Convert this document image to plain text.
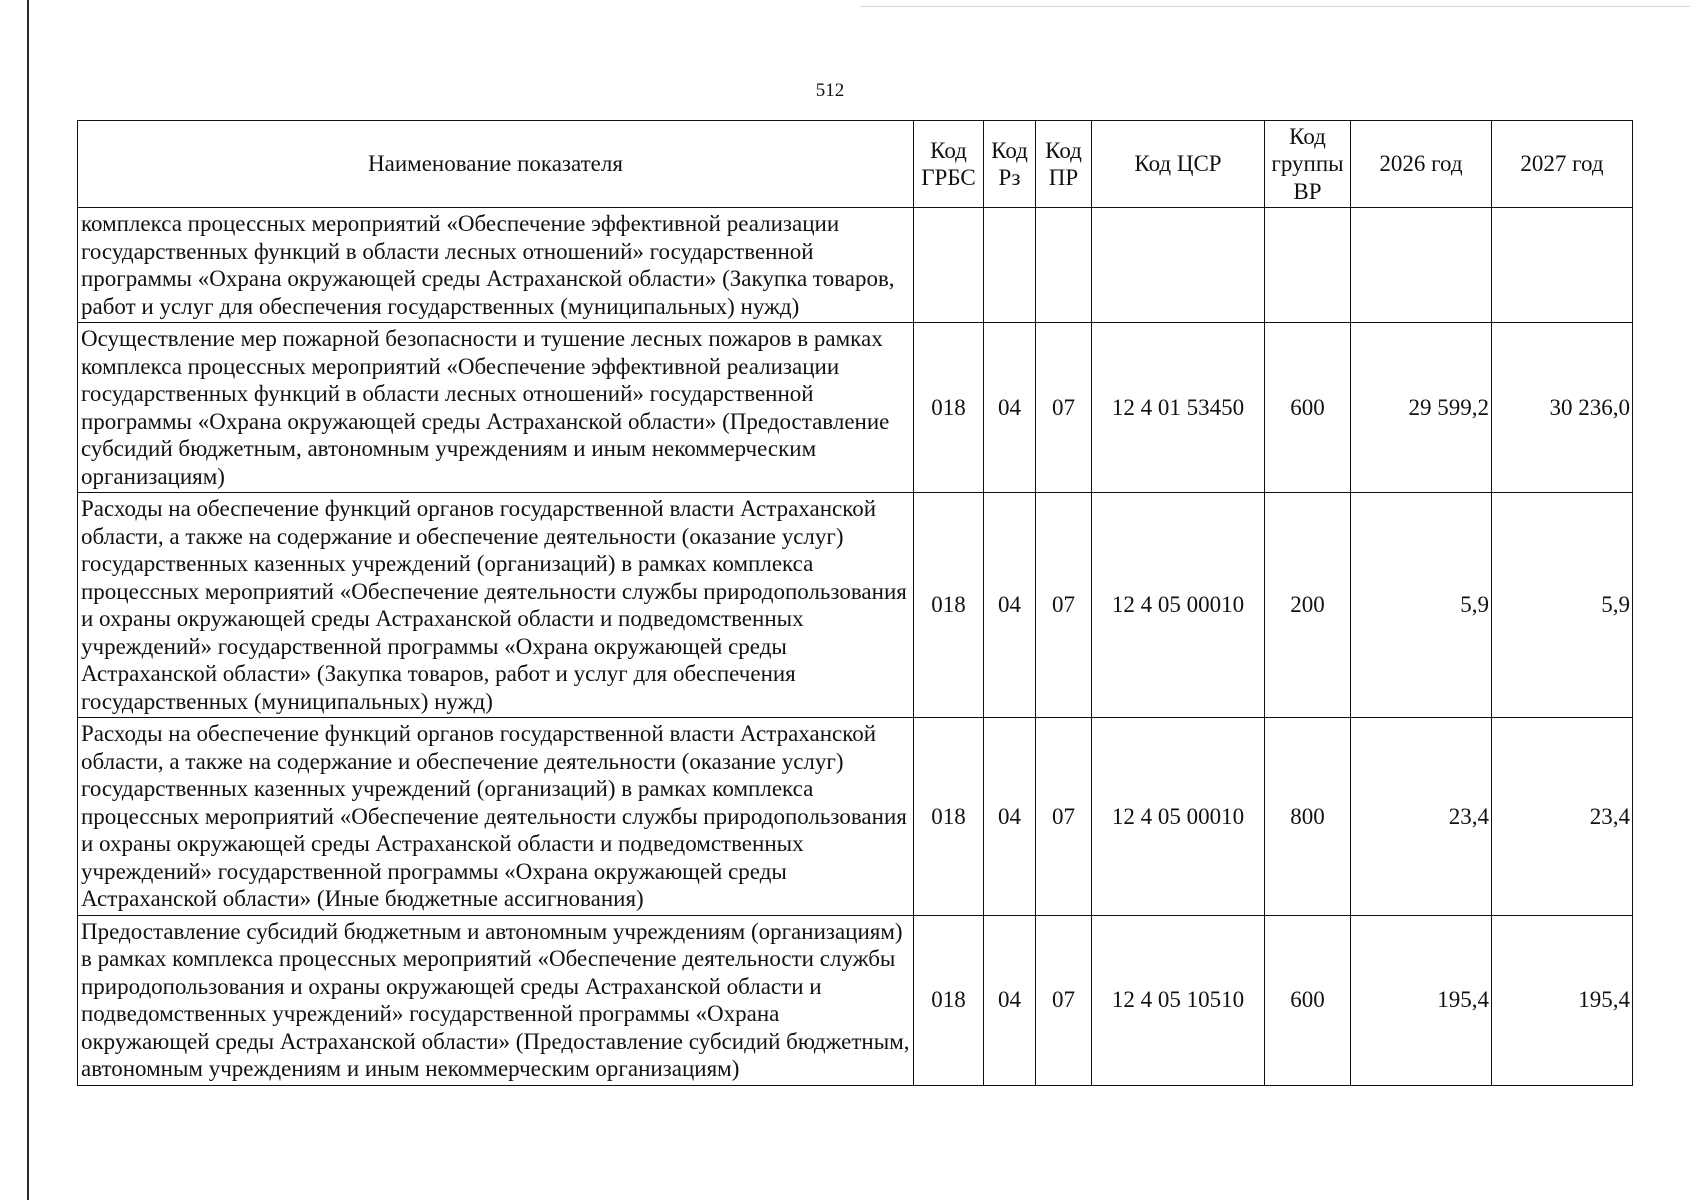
512
Наименование показателя	Код ГРБС	Код Рз	Код ПР	Код ЦСР	Код группы ВР	2026 год	2027 год
комплекса процессных мероприятий «Обеспечение эффективной реализации государственных функций в области лесных отношений» государственной программы «Охрана окружающей среды Астраханской области» (Закупка товаров, работ и услуг для обеспечения государственных (муниципальных) нужд)							
Осуществление мер пожарной безопасности и тушение лесных пожаров в рамках комплекса процессных мероприятий «Обеспечение эффективной реализации государственных функций в области лесных отношений» государственной программы «Охрана окружающей среды Астраханской области» (Предоставление субсидий бюджетным, автономным учреждениям и иным некоммерческим организациям)	018	04	07	12 4 01 53450	600	29 599,2	30 236,0
Расходы на обеспечение функций органов государственной власти Астраханской области, а также на содержание и обеспечение деятельности (оказание услуг) государственных казенных учреждений (организаций) в рамках комплекса процессных мероприятий «Обеспечение деятельности службы природопользования и охраны окружающей среды Астраханской области и подведомственных учреждений» государственной программы «Охрана окружающей среды Астраханской области» (Закупка товаров, работ и услуг для обеспечения государственных (муниципальных) нужд)	018	04	07	12 4 05 00010	200	5,9	5,9
Расходы на обеспечение функций органов государственной власти Астраханской области, а также на содержание и обеспечение деятельности (оказание услуг) государственных казенных учреждений (организаций) в рамках комплекса процессных мероприятий «Обеспечение деятельности службы природопользования и охраны окружающей среды Астраханской области и подведомственных учреждений» государственной программы «Охрана окружающей среды Астраханской области» (Иные бюджетные ассигнования)	018	04	07	12 4 05 00010	800	23,4	23,4
Предоставление субсидий бюджетным и автономным учреждениям (организациям) в рамках комплекса процессных мероприятий «Обеспечение деятельности службы природопользования и охраны окружающей среды Астраханской области и подведомственных учреждений» государственной программы «Охрана окружающей среды Астраханской области» (Предоставление субсидий бюджетным, автономным учреждениям и иным некоммерческим организациям)	018	04	07	12 4 05 10510	600	195,4	195,4
